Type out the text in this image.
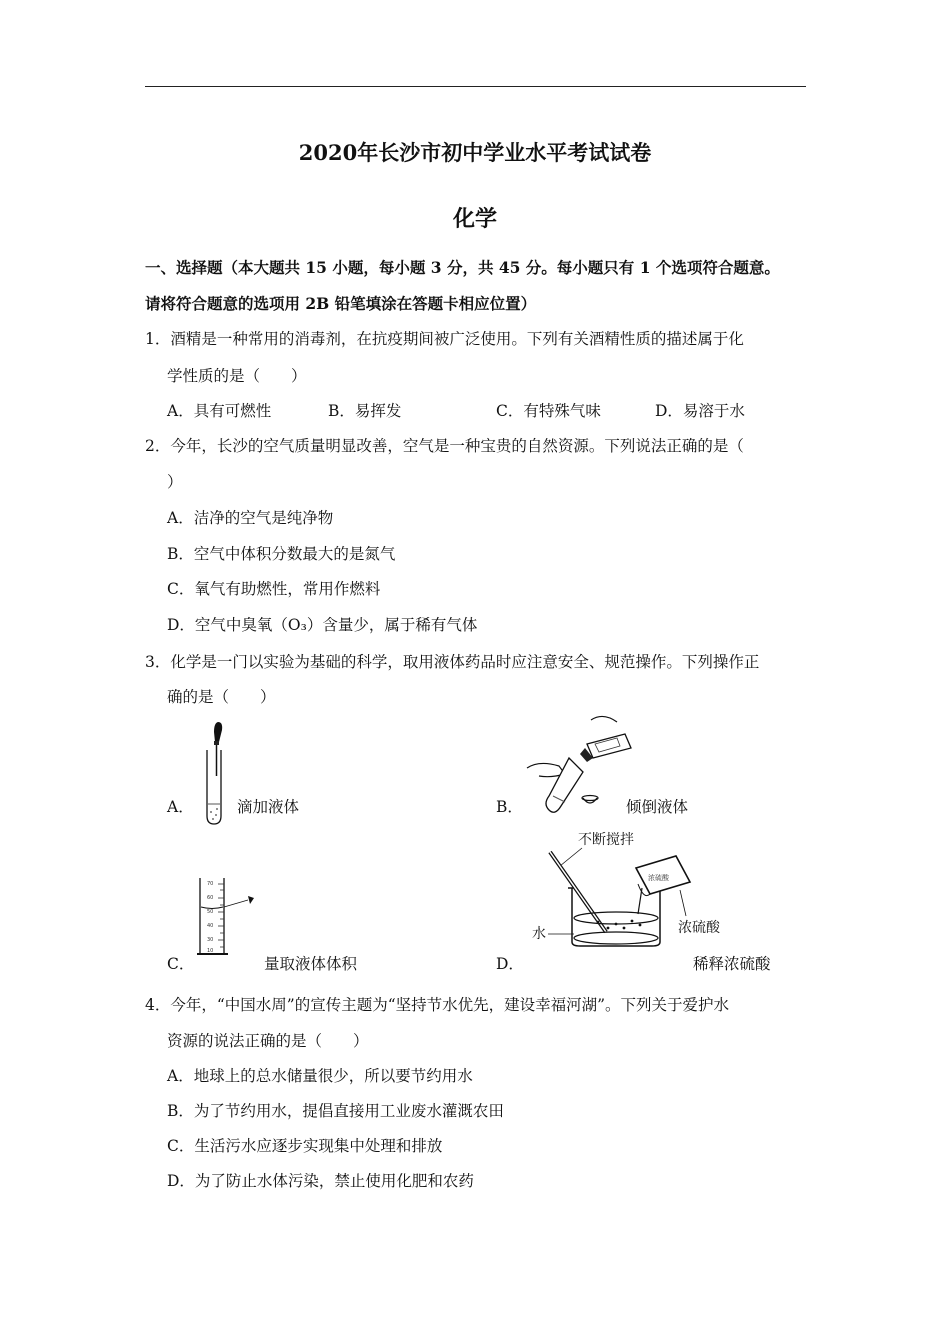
2020年长沙市初中学业水平考试试卷
化学
一、选择题（本大题共 15 小题，每小题 3 分，共 45 分。每小题只有 1 个选项符合题意。
请将符合题意的选项用 2B 铅笔填涂在答题卡相应位置）
1．酒精是一种常用的消毒剂，在抗疫期间被广泛使用。下列有关酒精性质的描述属于化
学性质的是（　　）
A．具有可燃性	B．易挥发	C．有特殊气味	D．易溶于水
2．今年，长沙的空气质量明显改善，空气是一种宝贵的自然资源。下列说法正确的是（
）
A．洁净的空气是纯净物
B．空气中体积分数最大的是氮气
C．氧气有助燃性，常用作燃料
D．空气中臭氧（O₃）含量少，属于稀有气体
3．化学是一门以实验为基础的科学，取用液体药品时应注意安全、规范操作。下列操作正
确的是（　　）
A．	滴加液体	B．	倾倒液体
70
60
50
40
30
10
C．	量取液体体积
不断搅拌
浓硫酸
浓硫酸
水
D．	稀释浓硫酸
4．今年，“中国水周”的宣传主题为“坚持节水优先，建设幸福河湖”。下列关于爱护水
资源的说法正确的是（　　）
A．地球上的总水储量很少，所以要节约用水
B．为了节约用水，提倡直接用工业废水灌溉农田
C．生活污水应逐步实现集中处理和排放
D．为了防止水体污染，禁止使用化肥和农药
